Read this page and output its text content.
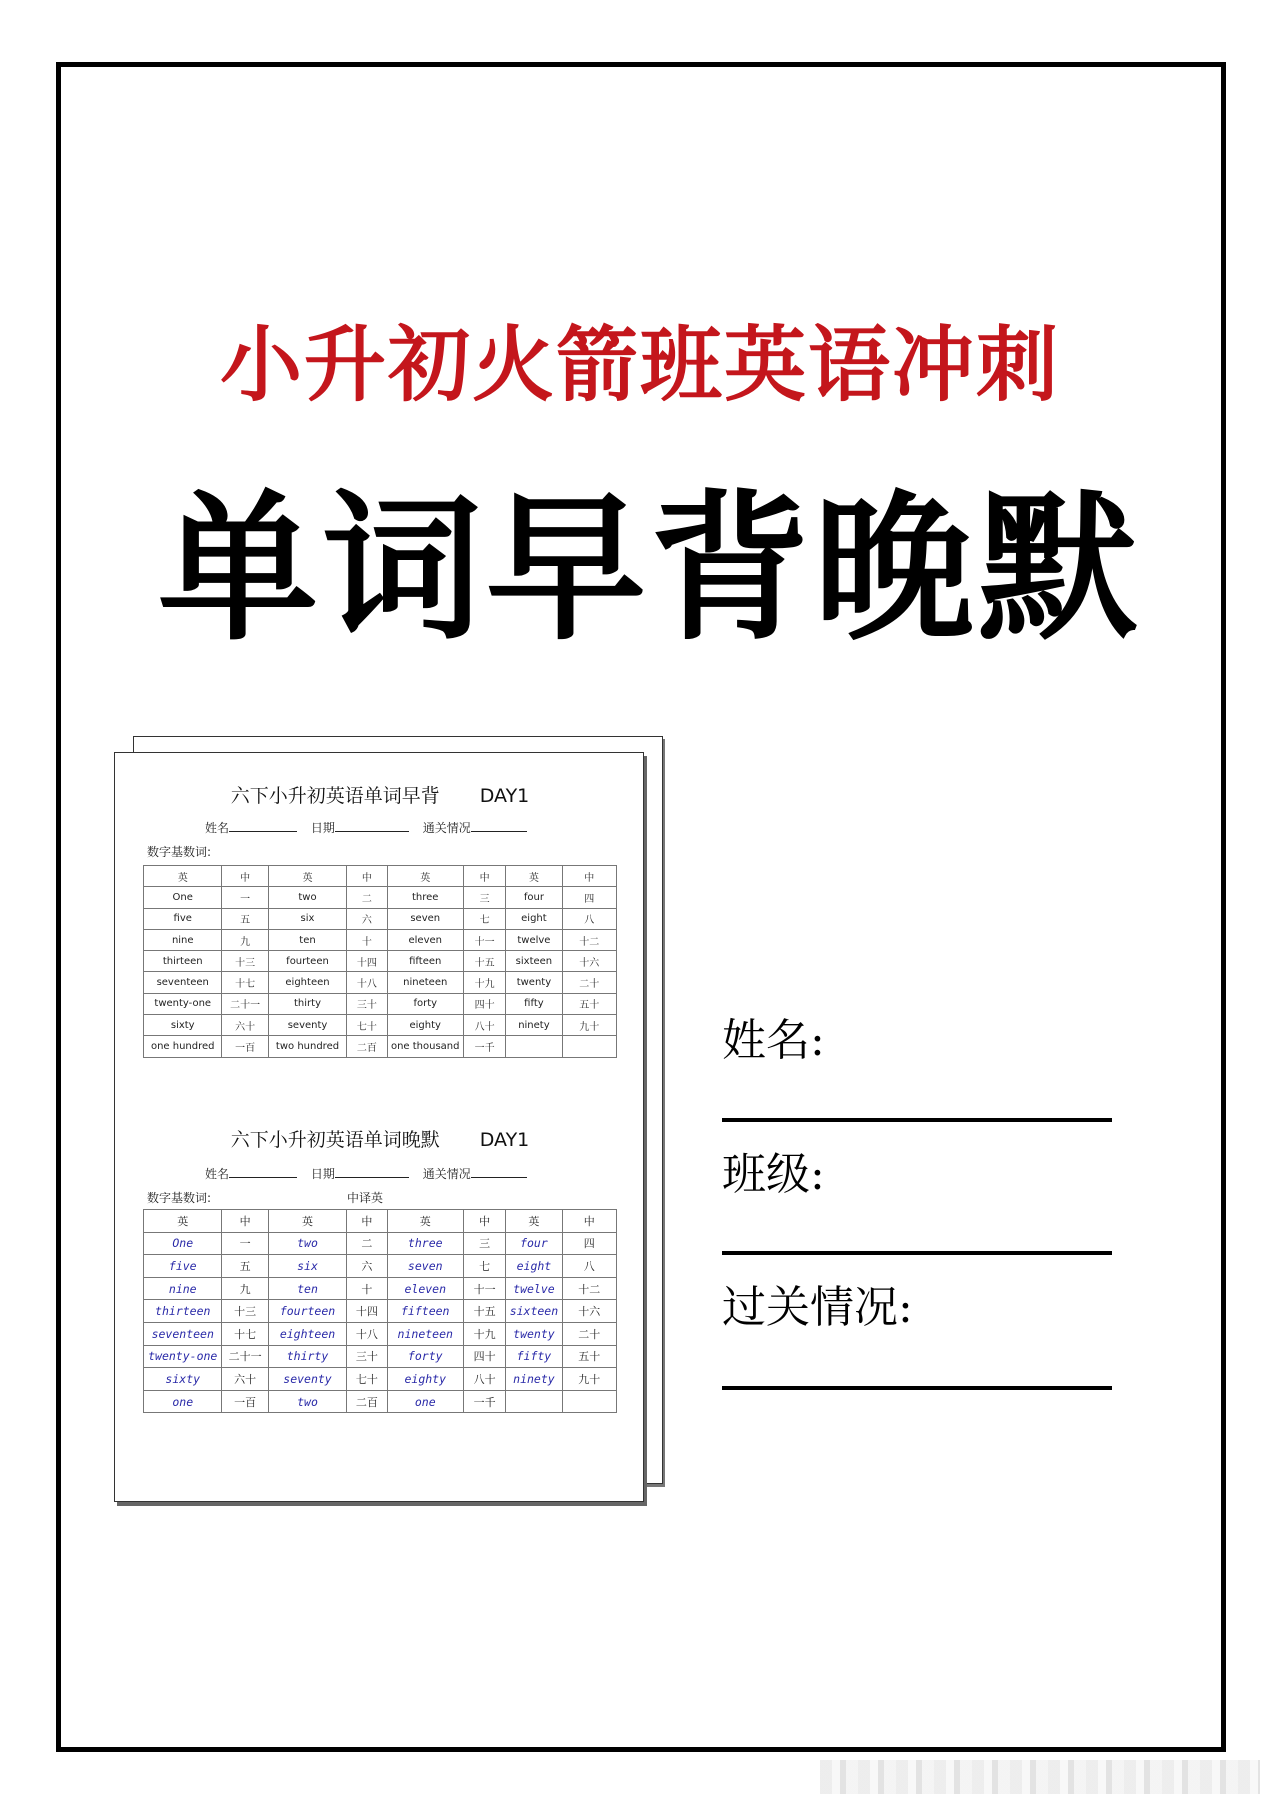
小升初火箭班英语冲刺
单词早背晚默
六下小升初英语单词早背 DAY1
姓名	日期	通关情况
数字基数词:
英	中	英	中	英	中	英	中
One	一	two	二	three	三	four	四
five	五	six	六	seven	七	eight	八
nine	九	ten	十	eleven	十一	twelve	十二
thirteen	十三	fourteen	十四	fifteen	十五	sixteen	十六
seventeen	十七	eighteen	十八	nineteen	十九	twenty	二十
twenty-one	二十一	thirty	三十	forty	四十	fifty	五十
sixty	六十	seventy	七十	eighty	八十	ninety	九十
one hundred	一百	two hundred	二百	one thousand	一千		
六下小升初英语单词晚默 DAY1
姓名	日期	通关情况
数字基数词:	中译英
英	中	英	中	英	中	英	中
One	一	two	二	three	三	four	四
five	五	six	六	seven	七	eight	八
nine	九	ten	十	eleven	十一	twelve	十二
thirteen	十三	fourteen	十四	fifteen	十五	sixteen	十六
seventeen	十七	eighteen	十八	nineteen	十九	twenty	二十
twenty-one	二十一	thirty	三十	forty	四十	fifty	五十
sixty	六十	seventy	七十	eighty	八十	ninety	九十
one	一百	two	二百	one	一千		
姓名:
班级:
过关情况:
